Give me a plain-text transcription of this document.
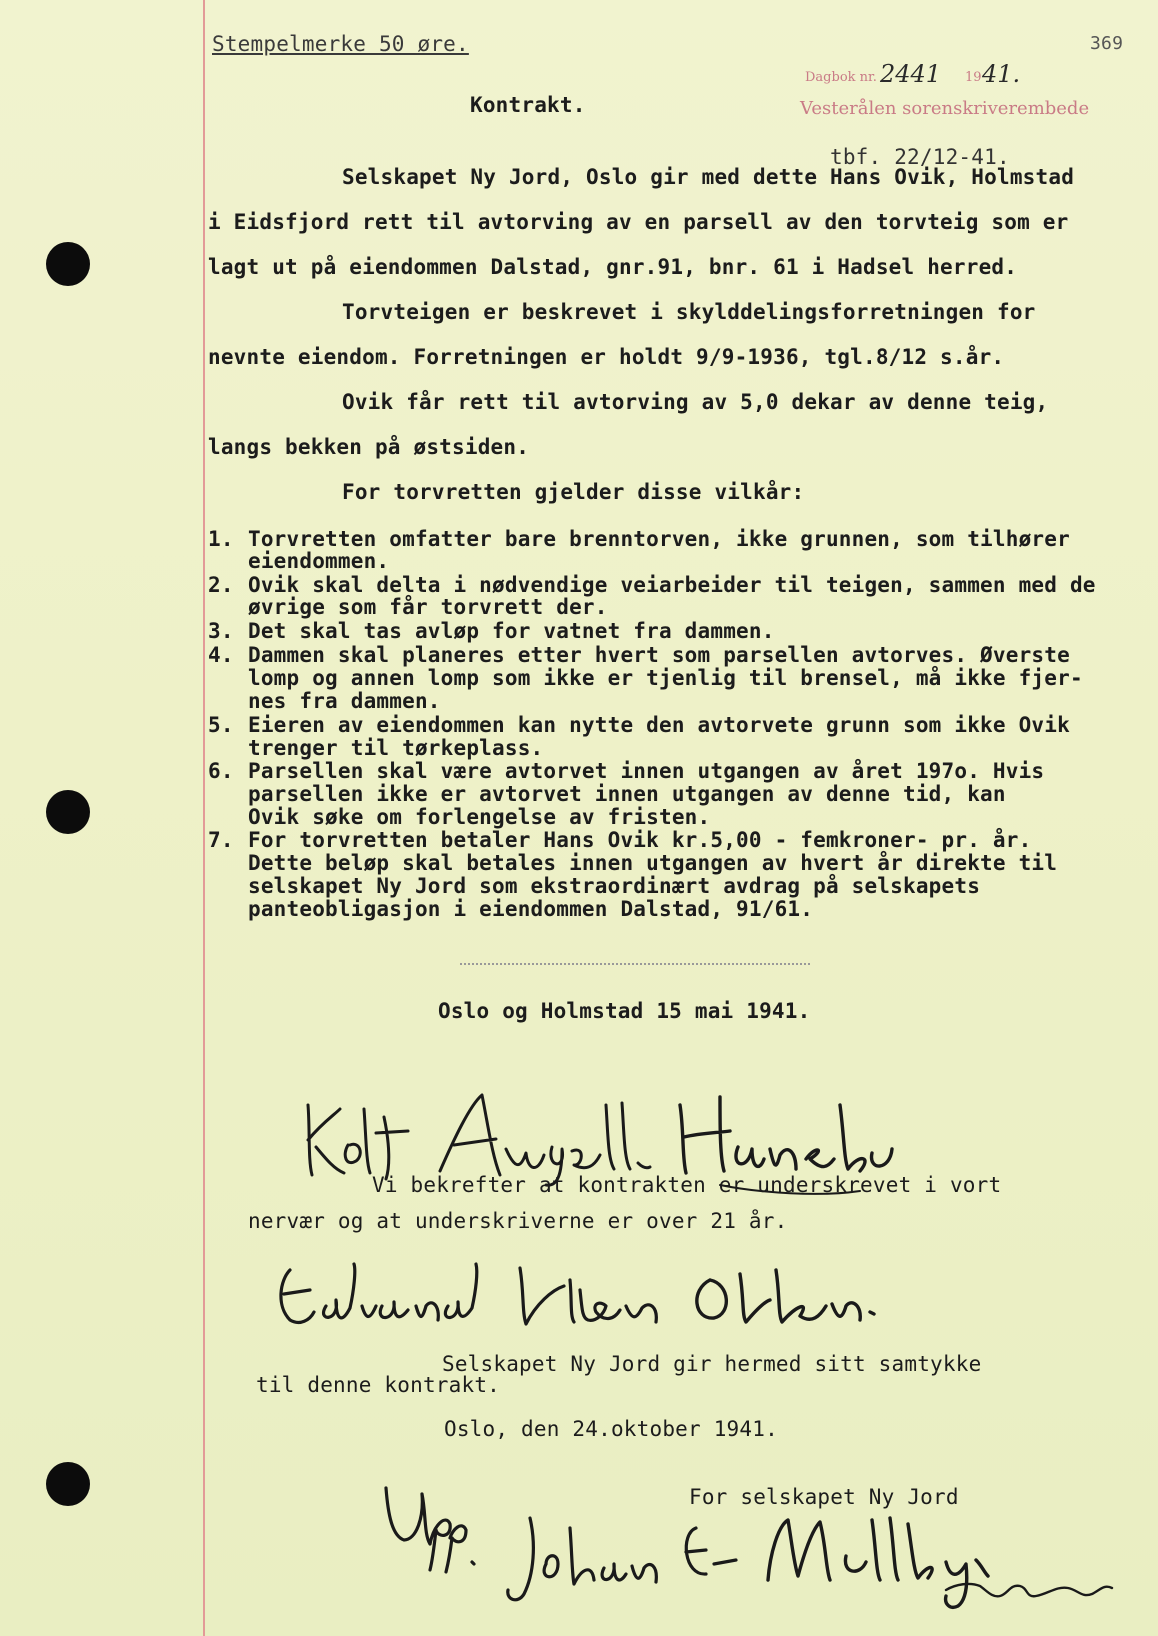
Stempelmerke 50 øre.	369
Dagbok nr. 2441 19 41.
Vesterålen sorenskriverembede
tbf. 22/12-41.
Kontrakt.
Selskapet Ny Jord, Oslo gir med dette Hans Ovik, Holmstad
i Eidsfjord rett til avtorving av en parsell av den torvteig som er
lagt ut på eiendommen Dalstad, gnr.91, bnr. 61 i Hadsel herred.
Torvteigen er beskrevet i skylddelingsforretningen for
nevnte eiendom. Forretningen er holdt 9/9-1936, tgl.8/12 s.år.
Ovik får rett til avtorving av 5,0 dekar av denne teig,
langs bekken på østsiden.
For torvretten gjelder disse vilkår:
1. Torvretten omfatter bare brenntorven, ikke grunnen, som tilhører
eiendommen.
2. Ovik skal delta i nødvendige veiarbeider til teigen, sammen med de
øvrige som får torvrett der.
3. Det skal tas avløp for vatnet fra dammen.
4. Dammen skal planeres etter hvert som parsellen avtorves. Øverste
lomp og annen lomp som ikke er tjenlig til brensel, må ikke fjer-
nes fra dammen.
5. Eieren av eiendommen kan nytte den avtorvete grunn som ikke Ovik
trenger til tørkeplass.
6. Parsellen skal være avtorvet innen utgangen av året 197o. Hvis
parsellen ikke er avtorvet innen utgangen av denne tid, kan
Ovik søke om forlengelse av fristen.
7. For torvretten betaler Hans Ovik kr.5,00 - femkroner- pr. år.
Dette beløp skal betales innen utgangen av hvert år direkte til
selskapet Ny Jord som ekstraordinært avdrag på selskapets
panteobligasjon i eiendommen Dalstad, 91/61.
Oslo og Holmstad 15 mai 1941.
Vi bekrefter at kontrakten er underskrevet i vort
nervær og at underskriverne er over 21 år.
Selskapet Ny Jord gir hermed sitt samtykke
til denne kontrakt.
Oslo, den 24.oktober 1941.
For selskapet Ny Jord
